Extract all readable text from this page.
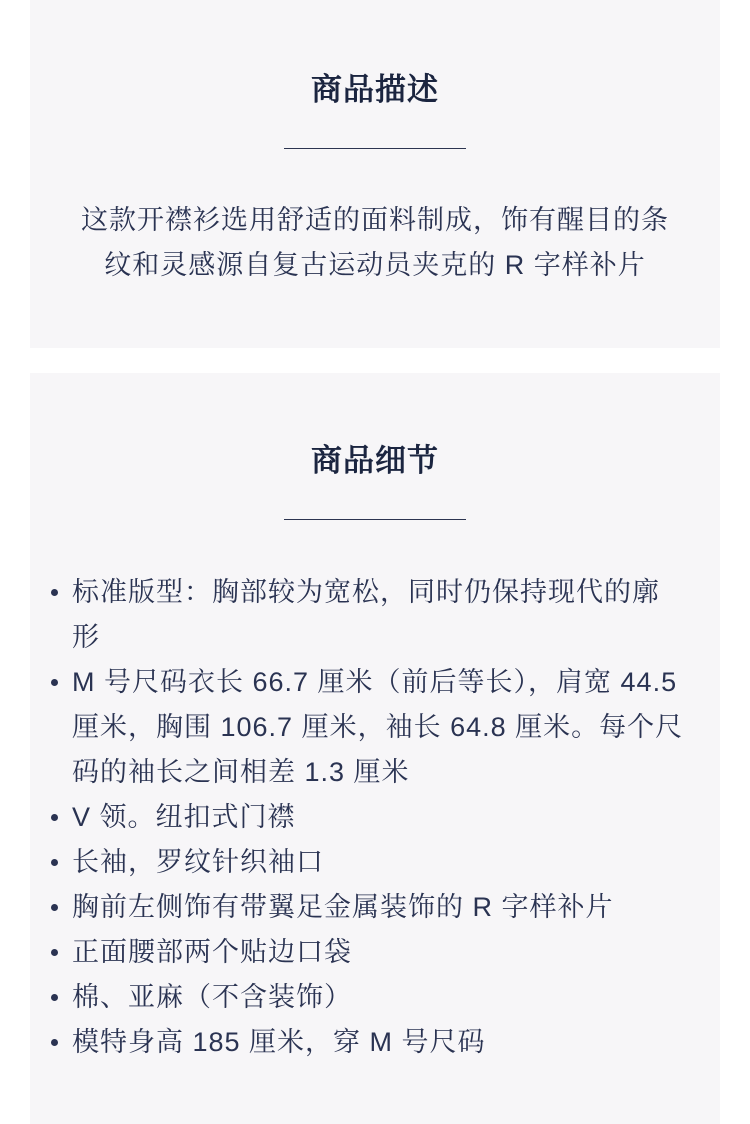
商品描述

这款开襟衫选用舒适的面料制成，饰有醒目的条纹和灵感源自复古运动员夹克的 R 字样补片

商品细节
标准版型：胸部较为宽松，同时仍保持现代的廓形
M 号尺码衣长 66.7 厘米（前后等长），肩宽 44.5 厘米，胸围 106.7 厘米，袖长 64.8 厘米。每个尺码的袖长之间相差 1.3 厘米
V 领。纽扣式门襟
长袖，罗纹针织袖口
胸前左侧饰有带翼足金属装饰的 R 字样补片
正面腰部两个贴边口袋
棉、亚麻（不含装饰）
模特身高 185 厘米，穿 M 号尺码
